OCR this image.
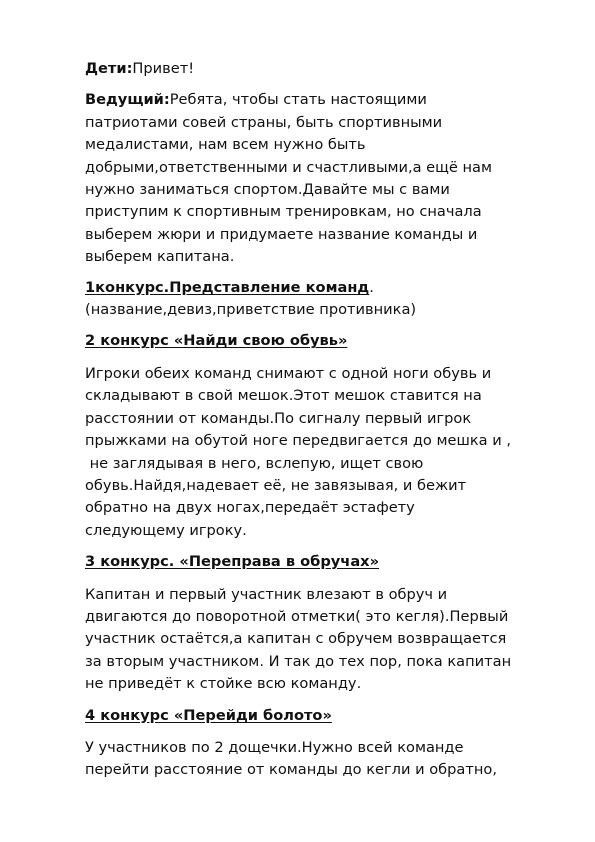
Дети:Привет!

Ведущий:Ребята, чтобы стать настоящими
патриотами совей страны, быть спортивными
медалистами, нам всем нужно быть
добрыми,ответственными и счастливыми,а ещё нам
нужно заниматься спортом.Давайте мы с вами
приступим к спортивным тренировкам, но сначала
выберем жюри и придумаете название команды и
выберем капитана.

1конкурс.Представление команд.
(название,девиз,приветствие противника)

2 конкурс «Найди свою обувь»

Игроки обеих команд снимают с одной ноги обувь и
складывают в свой мешок.Этот мешок ставится на
расстоянии от команды.По сигналу первый игрок
прыжками на обутой ноге передвигается до мешка и ,
не заглядывая в него, вслепую, ищет свою
обувь.Найдя,надевает её, не завязывая, и бежит
обратно на двух ногах,передаёт эстафету
следующему игроку.

3 конкурс. «Переправа в обручах»

Капитан и первый участник влезают в обруч и
двигаются до поворотной отметки( это кегля).Первый
участник остаётся,а капитан с обручем возвращается
за вторым участником. И так до тех пор, пока капитан
не приведёт к стойке всю команду.

4 конкурс «Перейди болото»

У участников по 2 дощечки.Нужно всей команде
перейти расстояние от команды до кегли и обратно,
